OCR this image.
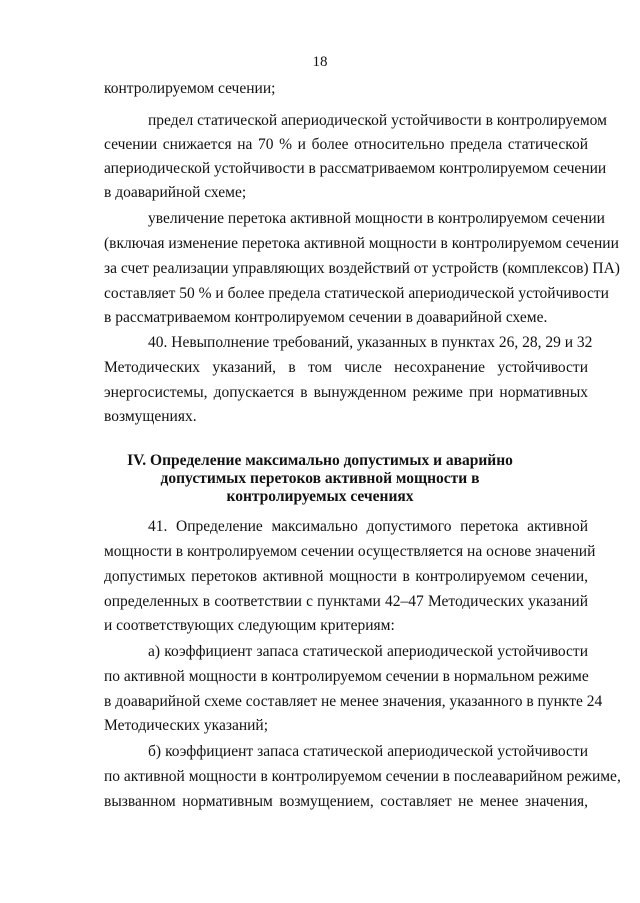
18
контролируемом сечении;
предел статической апериодической устойчивости в контролируемом
сечении снижается на 70 % и более относительно предела статической
апериодической устойчивости в рассматриваемом контролируемом сечении
в доаварийной схеме;
увеличение перетока активной мощности в контролируемом сечении
(включая изменение перетока активной мощности в контролируемом сечении
за счет реализации управляющих воздействий от устройств (комплексов) ПА)
составляет 50 % и более предела статической апериодической устойчивости
в рассматриваемом контролируемом сечении в доаварийной схеме.
40. Невыполнение требований, указанных в пунктах 26, 28, 29 и 32
Методических указаний, в том числе несохранение устойчивости
энергосистемы, допускается в вынужденном режиме при нормативных
возмущениях.
IV. Определение максимально допустимых и аварийно
допустимых перетоков активной мощности в
контролируемых сечениях
41. Определение максимально допустимого перетока активной
мощности в контролируемом сечении осуществляется на основе значений
допустимых перетоков активной мощности в контролируемом сечении,
определенных в соответствии с пунктами 42–47 Методических указаний
и соответствующих следующим критериям:
а) коэффициент запаса статической апериодической устойчивости
по активной мощности в контролируемом сечении в нормальном режиме
в доаварийной схеме составляет не менее значения, указанного в пункте 24
Методических указаний;
б) коэффициент запаса статической апериодической устойчивости
по активной мощности в контролируемом сечении в послеаварийном режиме,
вызванном нормативным возмущением, составляет не менее значения,
